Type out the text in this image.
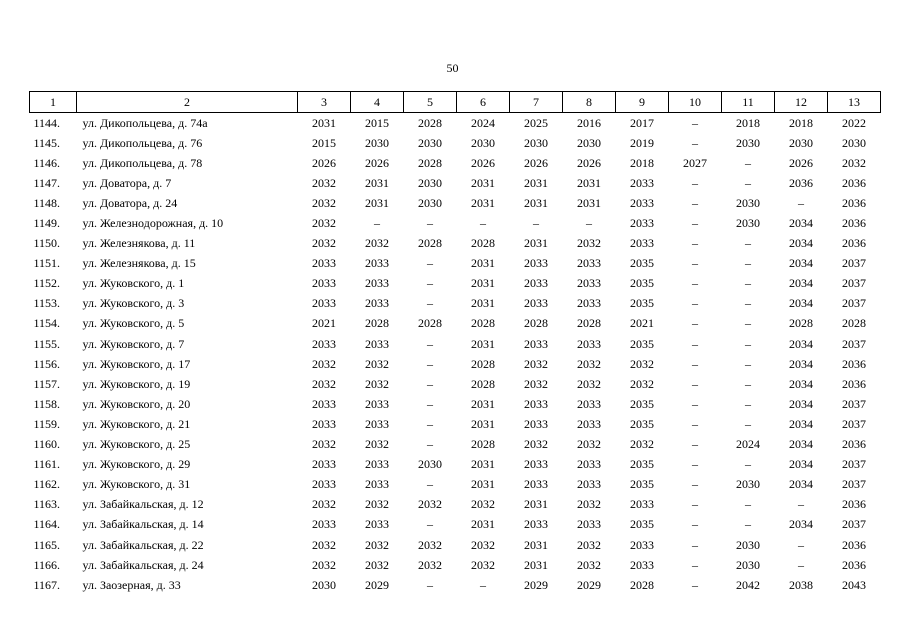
50
1	2	3	4	5	6	7	8	9	10	11	12	13
1144.	ул. Дикопольцева, д. 74а	2031	2015	2028	2024	2025	2016	2017	–	2018	2018	2022
1145.	ул. Дикопольцева, д. 76	2015	2030	2030	2030	2030	2030	2019	–	2030	2030	2030
1146.	ул. Дикопольцева, д. 78	2026	2026	2028	2026	2026	2026	2018	2027	–	2026	2032
1147.	ул. Доватора, д. 7	2032	2031	2030	2031	2031	2031	2033	–	–	2036	2036
1148.	ул. Доватора, д. 24	2032	2031	2030	2031	2031	2031	2033	–	2030	–	2036
1149.	ул. Железнодорожная, д. 10	2032	–	–	–	–	–	2033	–	2030	2034	2036
1150.	ул. Железнякова, д. 11	2032	2032	2028	2028	2031	2032	2033	–	–	2034	2036
1151.	ул. Железнякова, д. 15	2033	2033	–	2031	2033	2033	2035	–	–	2034	2037
1152.	ул. Жуковского, д. 1	2033	2033	–	2031	2033	2033	2035	–	–	2034	2037
1153.	ул. Жуковского, д. 3	2033	2033	–	2031	2033	2033	2035	–	–	2034	2037
1154.	ул. Жуковского, д. 5	2021	2028	2028	2028	2028	2028	2021	–	–	2028	2028
1155.	ул. Жуковского, д. 7	2033	2033	–	2031	2033	2033	2035	–	–	2034	2037
1156.	ул. Жуковского, д. 17	2032	2032	–	2028	2032	2032	2032	–	–	2034	2036
1157.	ул. Жуковского, д. 19	2032	2032	–	2028	2032	2032	2032	–	–	2034	2036
1158.	ул. Жуковского, д. 20	2033	2033	–	2031	2033	2033	2035	–	–	2034	2037
1159.	ул. Жуковского, д. 21	2033	2033	–	2031	2033	2033	2035	–	–	2034	2037
1160.	ул. Жуковского, д. 25	2032	2032	–	2028	2032	2032	2032	–	2024	2034	2036
1161.	ул. Жуковского, д. 29	2033	2033	2030	2031	2033	2033	2035	–	–	2034	2037
1162.	ул. Жуковского, д. 31	2033	2033	–	2031	2033	2033	2035	–	2030	2034	2037
1163.	ул. Забайкальская, д. 12	2032	2032	2032	2032	2031	2032	2033	–	–	–	2036
1164.	ул. Забайкальская, д. 14	2033	2033	–	2031	2033	2033	2035	–	–	2034	2037
1165.	ул. Забайкальская, д. 22	2032	2032	2032	2032	2031	2032	2033	–	2030	–	2036
1166.	ул. Забайкальская, д. 24	2032	2032	2032	2032	2031	2032	2033	–	2030	–	2036
1167.	ул. Заозерная, д. 33	2030	2029	–	–	2029	2029	2028	–	2042	2038	2043
